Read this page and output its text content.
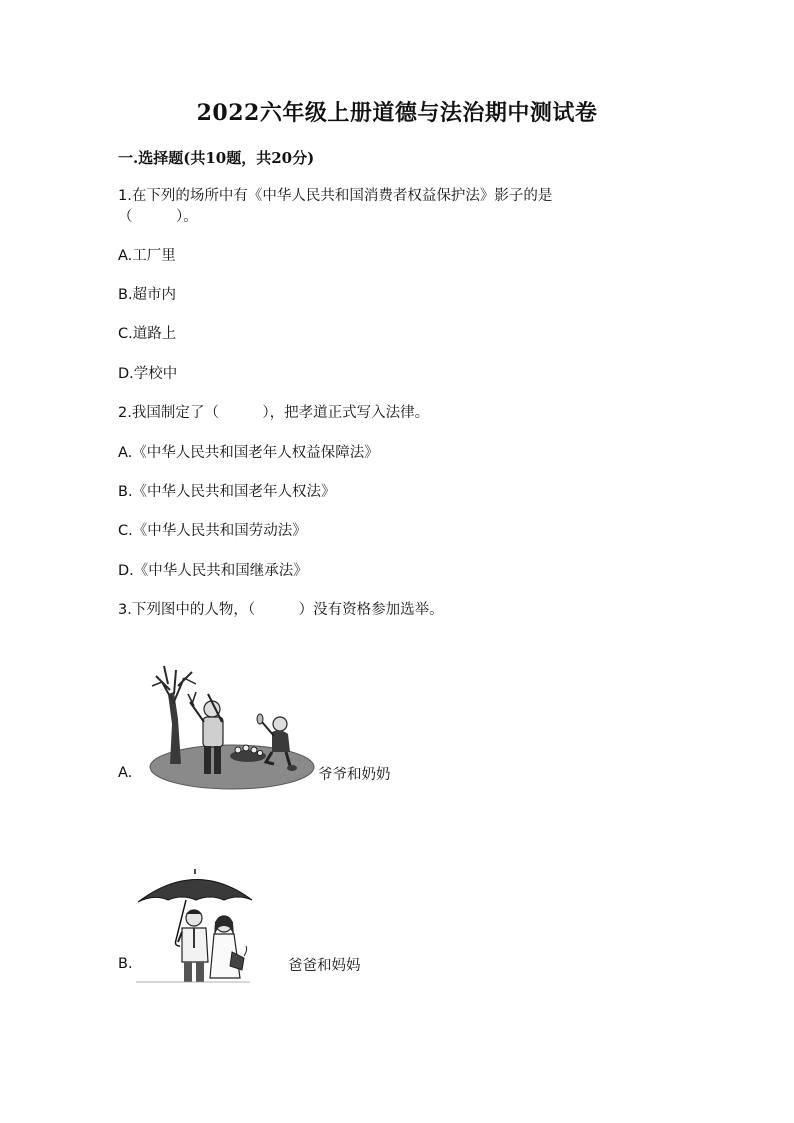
2022六年级上册道德与法治期中测试卷
一.选择题(共10题，共20分)
1.在下列的场所中有《中华人民共和国消费者权益保护法》影子的是
（　　　）。
A.工厂里
B.超市内
C.道路上
D.学校中
2.我国制定了（　　　），把孝道正式写入法律。
A.《中华人民共和国老年人权益保障法》
B.《中华人民共和国老年人权法》
C.《中华人民共和国劳动法》
D.《中华人民共和国继承法》
3.下列图中的人物，（　　　）没有资格参加选举。
A.	爷爷和奶奶
B.	爸爸和妈妈
